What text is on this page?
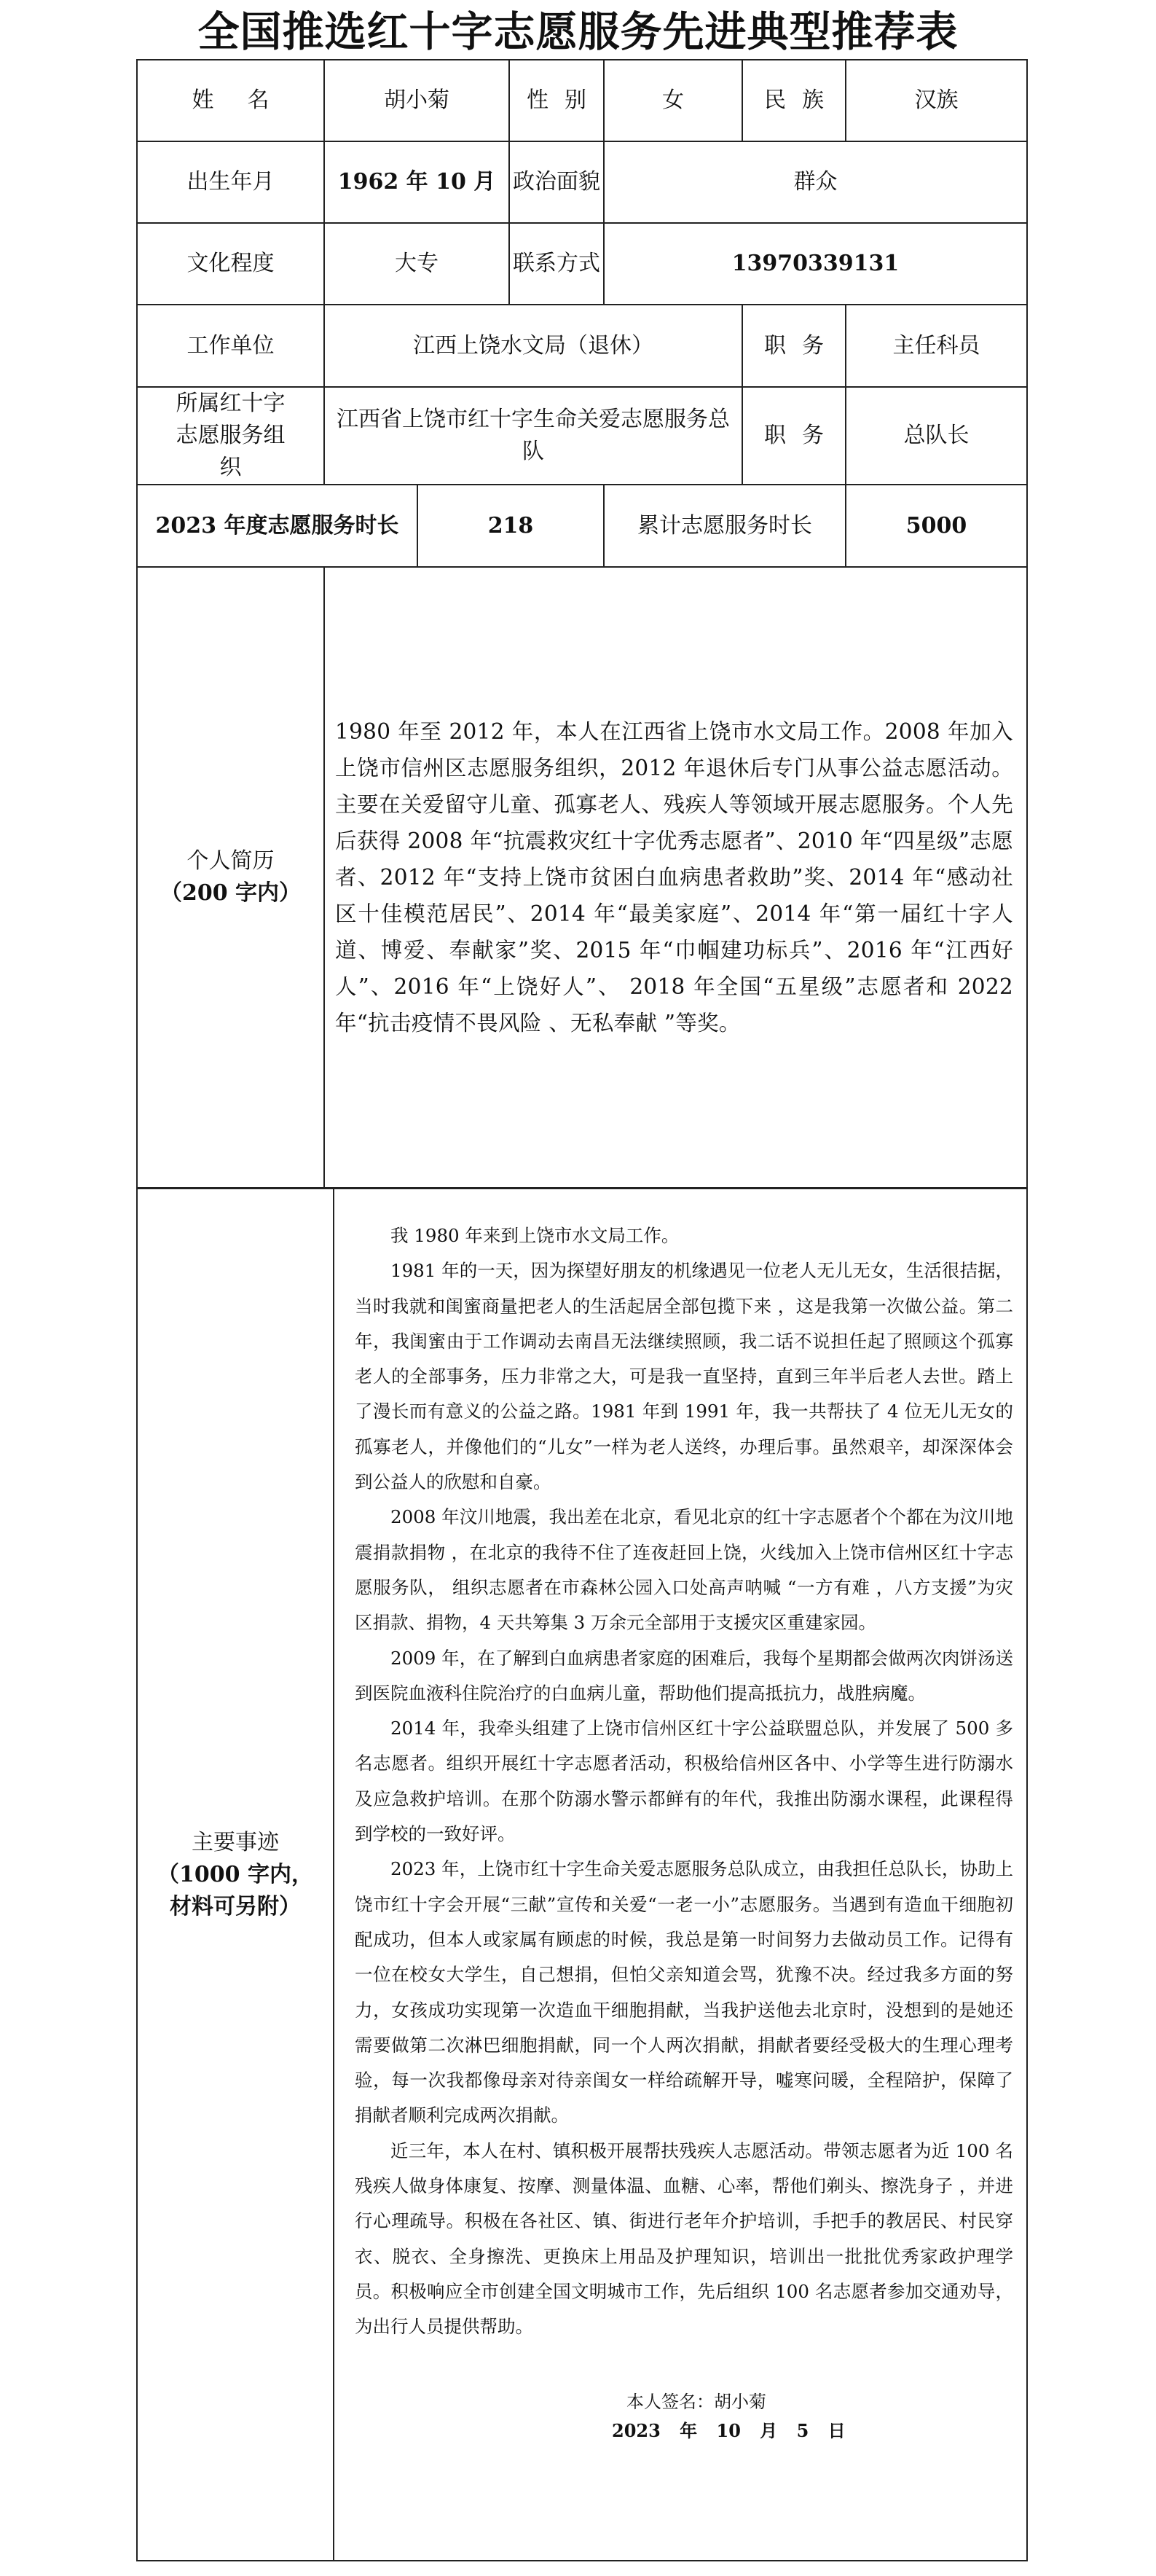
全国推选红十字志愿服务先进典型推荐表
姓名	胡小菊		性别	女	民族	汉族
出生年月	1962 年 10 月		政治面貌	群众		
文化程度	大专		联系方式	13970339131		
工作单位	江西上饶水文局（退休）				职务	主任科员
所属红十字志愿服务组织	江西省上饶市红十字生命关爱志愿服务总队				职务	总队长
2023 年度志愿服务时长		218		累计志愿服务时长		5000

个人简历
（200 字内）	1980 年至 2012 年，本人在江西省上饶市水文局工作。2008 年加入上饶市信州区志愿服务组织，2012 年退休后专门从事公益志愿活动。主要在关爱留守儿童、孤寡老人、残疾人等领域开展志愿服务。个人先后获得 2008 年“抗震救灾红十字优秀志愿者”、2010 年“四星级”志愿者、2012 年“支持上饶市贫困白血病患者救助”奖、2014 年“感动社区十佳模范居民”、2014 年“最美家庭”、2014 年“第一届红十字人道、博爱、奉献家”奖、2015 年“巾帼建功标兵”、2016 年“江西好人”、2016 年“上饶好人”、 2018 年全国“五星级”志愿者和 2022 年“抗击疫情不畏风险 、无私奉献 ”等奖。					
主要事迹
（1000 字内，
材料可另附）

我 1980 年来到上饶市水文局工作。

1981 年的一天，因为探望好朋友的机缘遇见一位老人无儿无女，生活很拮据， 当时我就和闺蜜商量把老人的生活起居全部包揽下来 ，这是我第一次做公益。第二年，我闺蜜由于工作调动去南昌无法继续照顾，我二话不说担任起了照顾这个孤寡老人的全部事务，压力非常之大，可是我一直坚持，直到三年半后老人去世。踏上了漫长而有意义的公益之路。1981 年到 1991 年，我一共帮扶了 4 位无儿无女的孤寡老人，并像他们的“儿女”一样为老人送终，办理后事。虽然艰辛，却深深体会到公益人的欣慰和自豪。

2008 年汶川地震，我出差在北京，看见北京的红十字志愿者个个都在为汶川地震捐款捐物 ，在北京的我待不住了连夜赶回上饶，火线加入上饶市信州区红十字志愿服务队， 组织志愿者在市森林公园入口处高声呐喊 “一方有难 ，八方支援”为灾区捐款、捐物，4 天共筹集 3 万余元全部用于支援灾区重建家园。

2009 年，在了解到白血病患者家庭的困难后，我每个星期都会做两次肉饼汤送到医院血液科住院治疗的白血病儿童，帮助他们提高抵抗力，战胜病魔。

2014 年，我牵头组建了上饶市信州区红十字公益联盟总队，并发展了 500 多名志愿者。组织开展红十字志愿者活动，积极给信州区各中、小学等生进行防溺水及应急救护培训。在那个防溺水警示都鲜有的年代，我推出防溺水课程，此课程得到学校的一致好评。

2023 年，上饶市红十字生命关爱志愿服务总队成立，由我担任总队长，协助上饶市红十字会开展“三献”宣传和关爱“一老一小”志愿服务。当遇到有造血干细胞初配成功，但本人或家属有顾虑的时候，我总是第一时间努力去做动员工作。记得有一位在校女大学生，自己想捐，但怕父亲知道会骂，犹豫不决。经过我多方面的努力，女孩成功实现第一次造血干细胞捐献，当我护送他去北京时，没想到的是她还需要做第二次淋巴细胞捐献，同一个人两次捐献，捐献者要经受极大的生理心理考验，每一次我都像母亲对待亲闺女一样给疏解开导，嘘寒问暖，全程陪护，保障了捐献者顺利完成两次捐献。

近三年，本人在村、镇积极开展帮扶残疾人志愿活动。带领志愿者为近 100 名残疾人做身体康复、按摩、测量体温、血糖、心率，帮他们剃头、擦洗身子 ，并进行心理疏导。积极在各社区、镇、街进行老年介护培训，手把手的教居民、村民穿衣、脱衣、全身擦洗、更换床上用品及护理知识，培训出一批批优秀家政护理学员。积极响应全市创建全国文明城市工作，先后组织 100 名志愿者参加交通劝导，为出行人员提供帮助。

本人签名：胡小菊
2023 年 10 月 5 日
